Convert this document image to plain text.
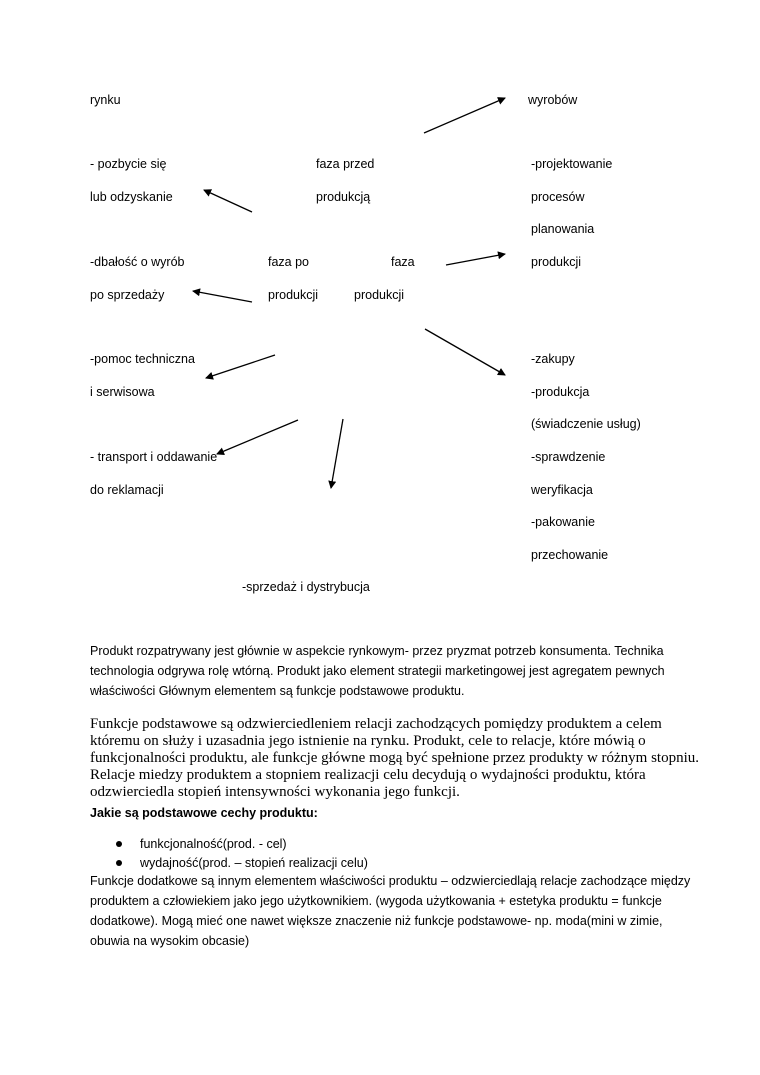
rynku	wyrobów
- pozbycie się	faza przed	-projektowanie
lub odzyskanie	produkcją	procesów
planowania
-dbałość o wyrób	faza po	faza	produkcji
po sprzedaży	produkcji	produkcji
-pomoc techniczna	-zakupy
i serwisowa	-produkcja
(świadczenie usług)
- transport i oddawanie	-sprawdzenie
do reklamacji	weryfikacja
-pakowanie
przechowanie
-sprzedaż i dystrybucja
Produkt rozpatrywany jest głównie w aspekcie rynkowym- przez pryzmat potrzeb konsumenta. Technika technologia odgrywa rolę wtórną. Produkt jako element strategii marketingowej jest agregatem pewnych właściwości Głównym elementem są funkcje podstawowe produktu.
Funkcje podstawowe są odzwierciedleniem relacji zachodzących pomiędzy produktem a celem któremu on służy i uzasadnia jego istnienie na rynku. Produkt, cele to relacje, które mówią o funkcjonalności produktu, ale funkcje główne mogą być spełnione przez produkty w różnym stopniu. Relacje miedzy produktem a stopniem realizacji celu decydują o wydajności produktu, która odzwierciedla stopień intensywności wykonania jego funkcji.
Jakie są podstawowe cechy produktu:
funkcjonalność(prod. - cel)
wydajność(prod. – stopień realizacji celu)
Funkcje dodatkowe są innym elementem właściwości produktu – odzwierciedlają relacje zachodzące między produktem a człowiekiem jako jego użytkownikiem. (wygoda użytkowania + estetyka produktu = funkcje dodatkowe). Mogą mieć one nawet większe znaczenie niż funkcje podstawowe- np. moda(mini w zimie, obuwia na wysokim obcasie)
